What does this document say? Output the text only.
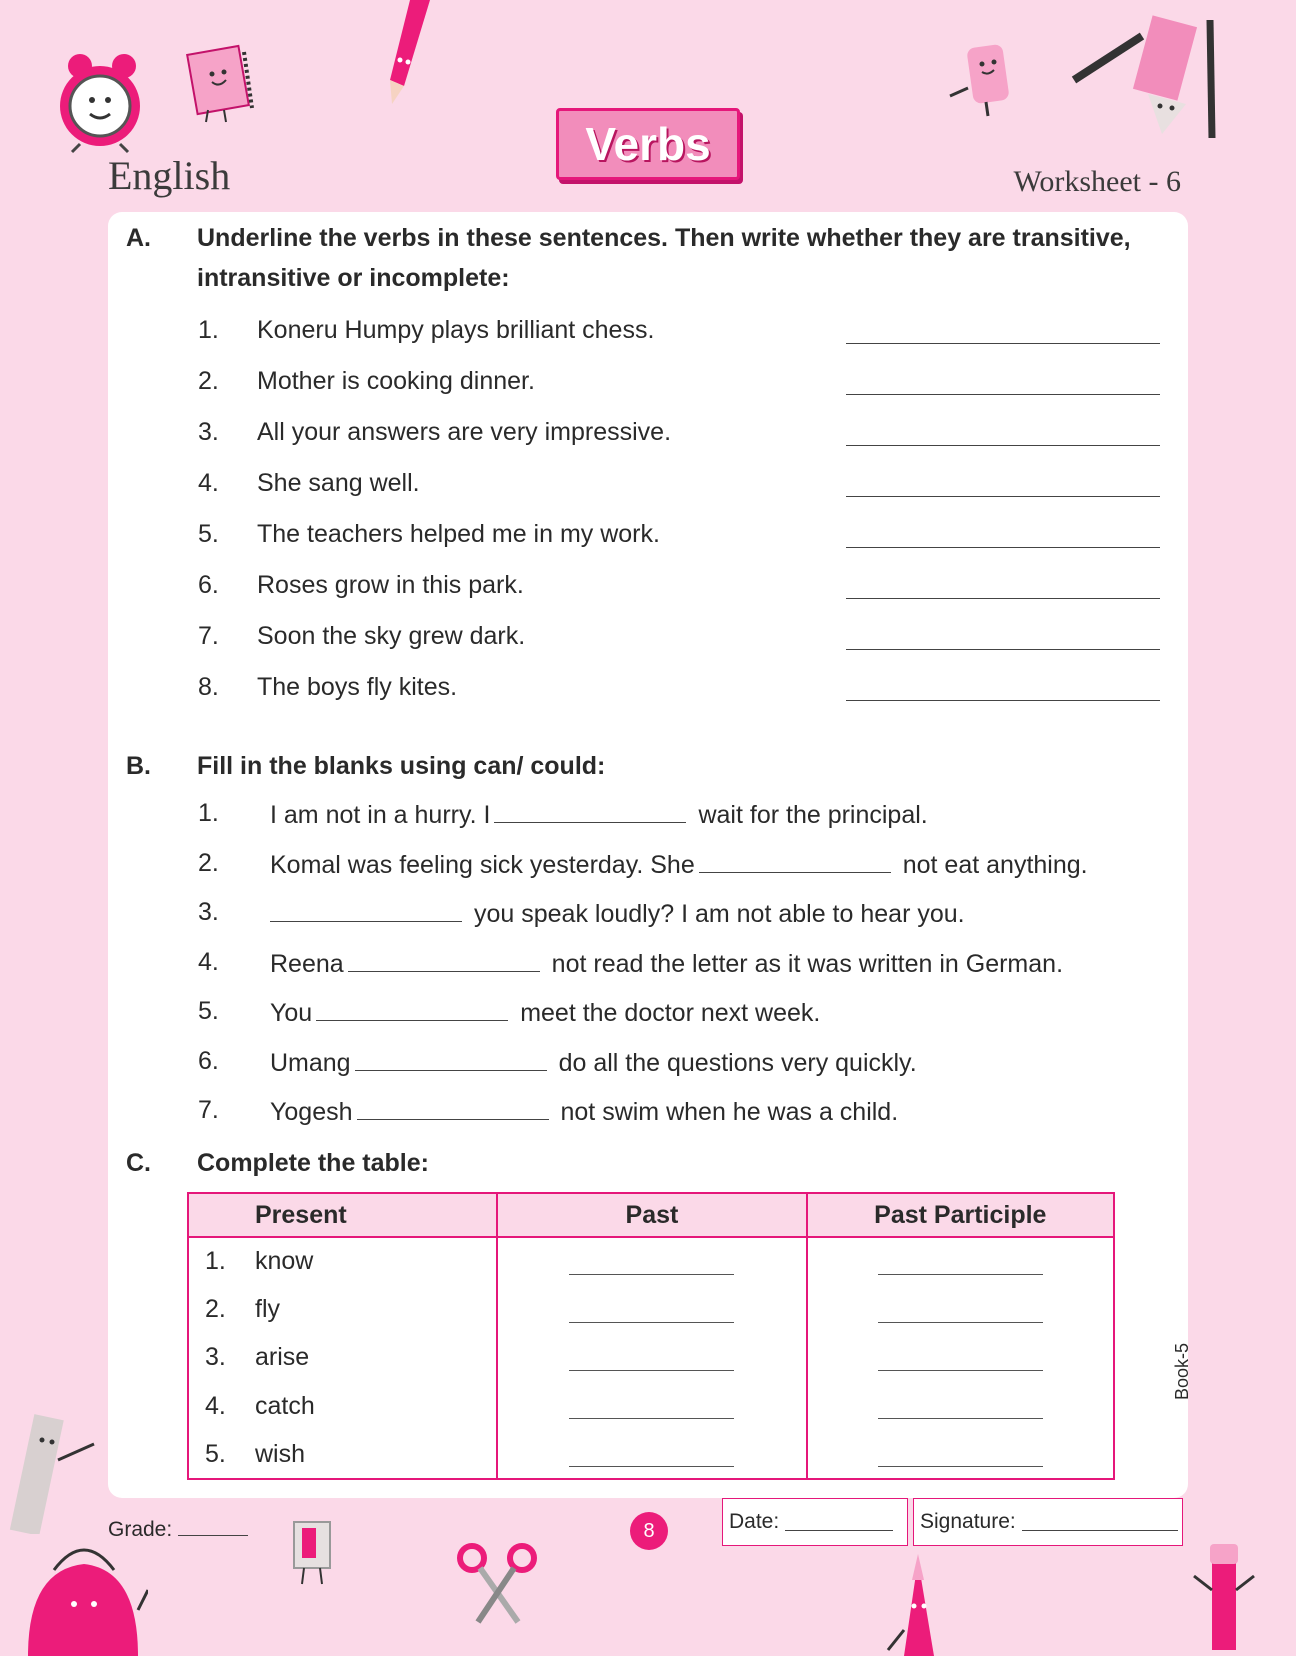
English
Verbs
Worksheet - 6
A. Underline the verbs in these sentences. Then write whether they are transitive, intransitive or incomplete:
1. Koneru Humpy plays brilliant chess.
2. Mother is cooking dinner.
3. All your answers are very impressive.
4. She sang well.
5. The teachers helped me in my work.
6. Roses grow in this park.
7. Soon the sky grew dark.
8. The boys fly kites.
B. Fill in the blanks using can/ could:
1. I am not in a hurry. I	wait for the principal.
2. Komal was feeling sick yesterday. She	not eat anything.
3.	you speak loudly? I am not able to hear you.
4. Reena	not read the letter as it was written in German.
5. You	meet the doctor next week.
6. Umang	do all the questions very quickly.
7. Yogesh	not swim when he was a child.
C. Complete the table:
Present	Past	Past Participle
1. know	

2. fly	

3. arise	

4. catch	

5. wish	

Grade:	8	Date:	Signature:
Book-5
